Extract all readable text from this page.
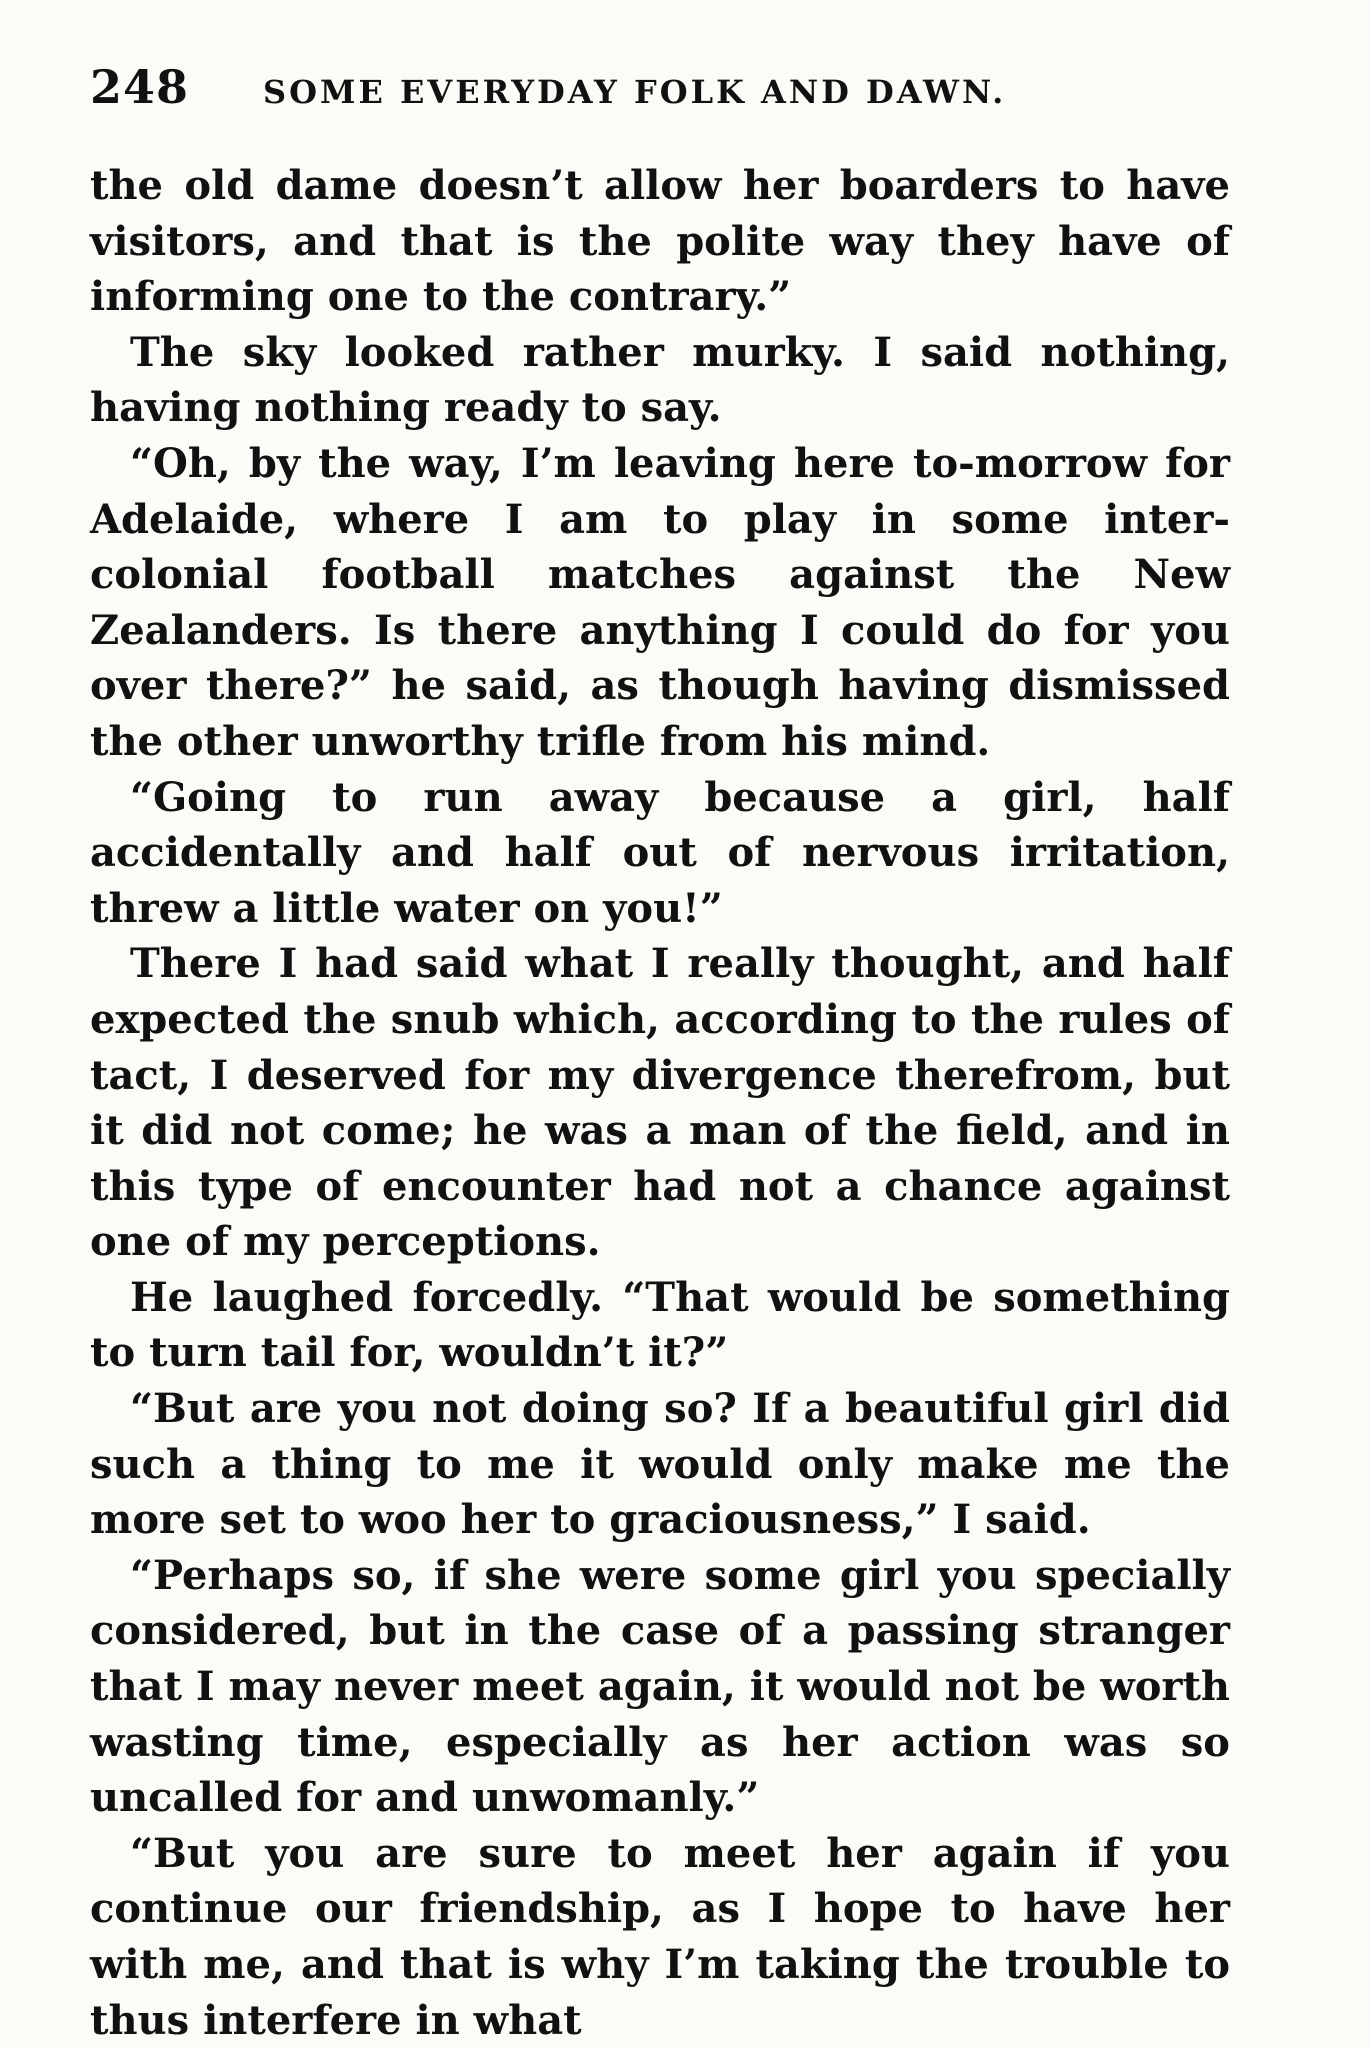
248 SOME EVERYDAY FOLK AND DAWN.

the old dame doesn’t allow her boarders to have visitors, and that is the polite way they have of informing one to the contrary.”

The sky looked rather murky. I said nothing, having nothing ready to say.

“Oh, by the way, I’m leaving here to-morrow for Adelaide, where I am to play in some inter-colonial football matches against the New Zealanders. Is there anything I could do for you over there?” he said, as though having dismissed the other unworthy trifle from his mind.

“Going to run away because a girl, half accidentally and half out of nervous irritation, threw a little water on you!”

There I had said what I really thought, and half expected the snub which, according to the rules of tact, I deserved for my divergence therefrom, but it did not come; he was a man of the field, and in this type of encounter had not a chance against one of my perceptions.

He laughed forcedly. “That would be something to turn tail for, wouldn’t it?”

“But are you not doing so? If a beautiful girl did such a thing to me it would only make me the more set to woo her to graciousness,” I said.

“Perhaps so, if she were some girl you specially considered, but in the case of a passing stranger that I may never meet again, it would not be worth wasting time, especially as her action was so uncalled for and unwomanly.”

“But you are sure to meet her again if you continue our friendship, as I hope to have her with me, and that is why I’m taking the trouble to thus interfere in what
